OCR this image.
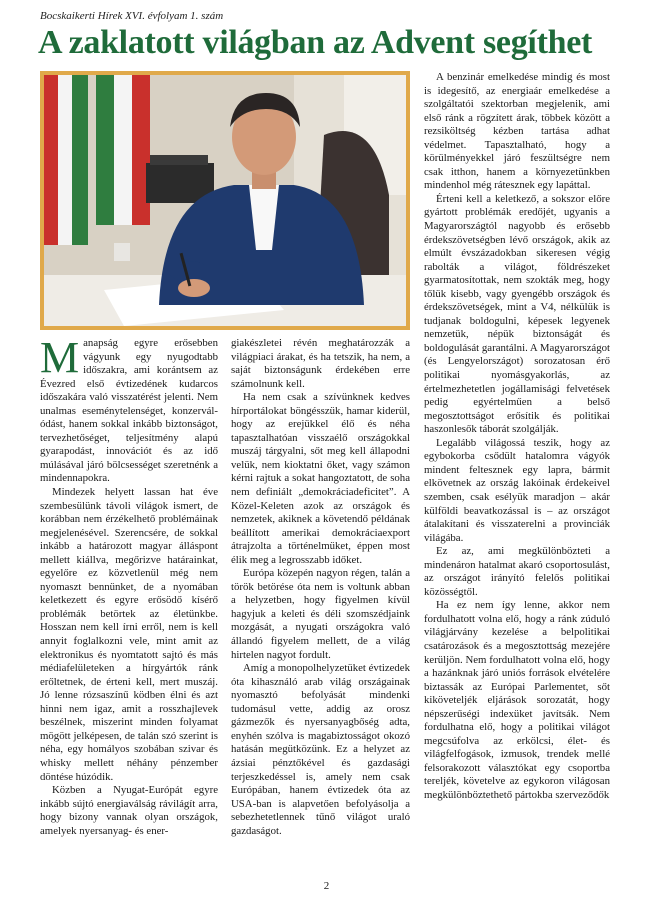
Bocskaikerti Hírek XVI. évfolyam 1. szám
A zaklatott világban az Advent segíthet

Manapság egyre erősebben vágyunk egy nyugodtabb időszakra, ami korántsem az Évezred első évtizedének kudarcos időszakára való visszatérést jelenti. Nem unalmas eseménytelenséget, konzerválódást, hanem sokkal inkább biztonságot, tervezhetőséget, teljesítmény alapú gyarapodást, innovációt és az idő múlásával járó bölcsességet szeretnénk a mindennapokra.

Mindezek helyett lassan hat éve szembesülünk távoli világok ismert, de korábban nem érzékelhető problémáinak megjelenésével. Szerencsére, de sokkal inkább a határozott magyar álláspont mellett kiállva, megőrizve határainkat, egyelőre ez közvetlenül még nem nyomaszt bennünket, de a nyomában keletkezett és egyre erősödő kísérő problémák betörtek az életünkbe. Hosszan nem kell írni erről, nem is kell annyit foglalkozni vele, mint amit az elektronikus és nyomtatott sajtó és más médiafelületeken a hírgyártók ránk erőltetnek, de érteni kell, mert muszáj. Jó lenne rózsaszínű ködben élni és azt hinni nem igaz, amit a rosszhajlevek beszélnek, miszerint minden folyamat mögött jelképesen, de talán szó szerint is néha, egy homályos szobában szivar és whisky mellett néhány pénzember döntése húzódik.

Közben a Nyugat-Európát egyre inkább sújtó energiaválság rávilágít arra, hogy bizony vannak olyan országok, amelyek nyersanyag- és ener-

giakészletei révén meghatározzák a világpiaci árakat, és ha tetszik, ha nem, a saját biztonságunk érdekében erre számolnunk kell.

Ha nem csak a szívünknek kedves hírportálokat böngésszük, hamar kiderül, hogy az erejükkel élő és néha tapasztalhatóan visszaélő országokkal muszáj tárgyalni, sőt meg kell állapodni velük, nem kioktatni őket, vagy számon kérni rajtuk a sokat hangoztatott, de soha nem definiált „demokráciadeficitet”. A Közel-Keleten azok az országok és nemzetek, akiknek a követendő példának beállított amerikai demokráciaexport átrajzolta a történelmüket, éppen most élik meg a legrosszabb időket.

Európa közepén nagyon régen, talán a török betörése óta nem is voltunk abban a helyzetben, hogy figyelmen kívül hagyjuk a keleti és déli szomszédjaink mozgását, a nyugati országokra való állandó figyelem mellett, de a világ hirtelen nagyot fordult.

Amíg a monopolhelyzetüket évtizedek óta kihasználó arab világ országainak nyomasztó befolyását mindenki tudomásul vette, addig az orosz gázmezők és nyersanyagbőség adta, enyhén szólva is magabiztosságot okozó hatásán megütközünk. Ez a helyzet az ázsiai pénztőkével és gazdasági terjeszkedéssel is, amely nem csak Európában, hanem évtizedek óta az USA-ban is alapvetően befolyásolja a sebezhetetlennek tűnő világot uraló gazdaságot.

A benzinár emelkedése mindig és most is idegesítő, az energiaár emelkedése a szolgáltatói szektorban megjelenik, ami első ránk a rögzített árak, többek között a rezsiköltség kézben tartása adhat védelmet. Tapasztalható, hogy a körülményekkel járó feszültségre nem csak itthon, hanem a környezetünkben mindenhol még rátesznek egy lapáttal.

Érteni kell a keletkező, a sokszor előre gyártott problémák eredőjét, ugyanis a Magyarországtól nagyobb és erősebb érdekszövetségben lévő országok, akik az elmúlt évszázadokban sikeresen végig rabolták a világot, földrészeket gyarmatosítottak, nem szokták meg, hogy tőlük kisebb, vagy gyengébb országok és érdekszövetségek, mint a V4, nélkülük is tudjanak boldogulni, képesek legyenek nemzetük, népük biztonságát és boldogulását garantálni. A Magyarországot (és Lengyelországot) sorozatosan érő politikai nyomásgyakorlás, az értelmezhetetlen jogállamisági felvetések pedig egyértelműen a belső megosztottságot erősítik és politikai haszonlesők táborát szolgálják.

Legalább világossá teszik, hogy az egybokorba csődült hatalomra vágyók mindent feltesznek egy lapra, bármit elkövetnek az ország lakóinak érdekeivel szemben, csak esélyük maradjon – akár külföldi beavatkozással is – az országot átalakítani és visszaterelni a provinciák világába.

Ez az, ami megkülönbözteti a mindenáron hatalmat akaró csoportosulást, az országot irányító felelős politikai közösségtől.

Ha ez nem így lenne, akkor nem fordulhatott volna elő, hogy a ránk zúduló világjárvány kezelése a belpolitikai csatározások és a megosztottság mezejére kerüljön. Nem fordulhatott volna elő, hogy a hazánknak járó uniós források elvételére biztassák az Európai Parlementet, sőt kiköveteljék eljárások sorozatát, hogy népszerűségi indexüket javítsák. Nem fordulhatna elő, hogy a politikai világot megcsúfolva az erkölcsi, élet- és világfelfogások, izmusok, trendek mellé felsorakozott választókat egy csoportba tereljék, követelve az egykoron világosan megkülönböztethető pártokba szerveződők

2
